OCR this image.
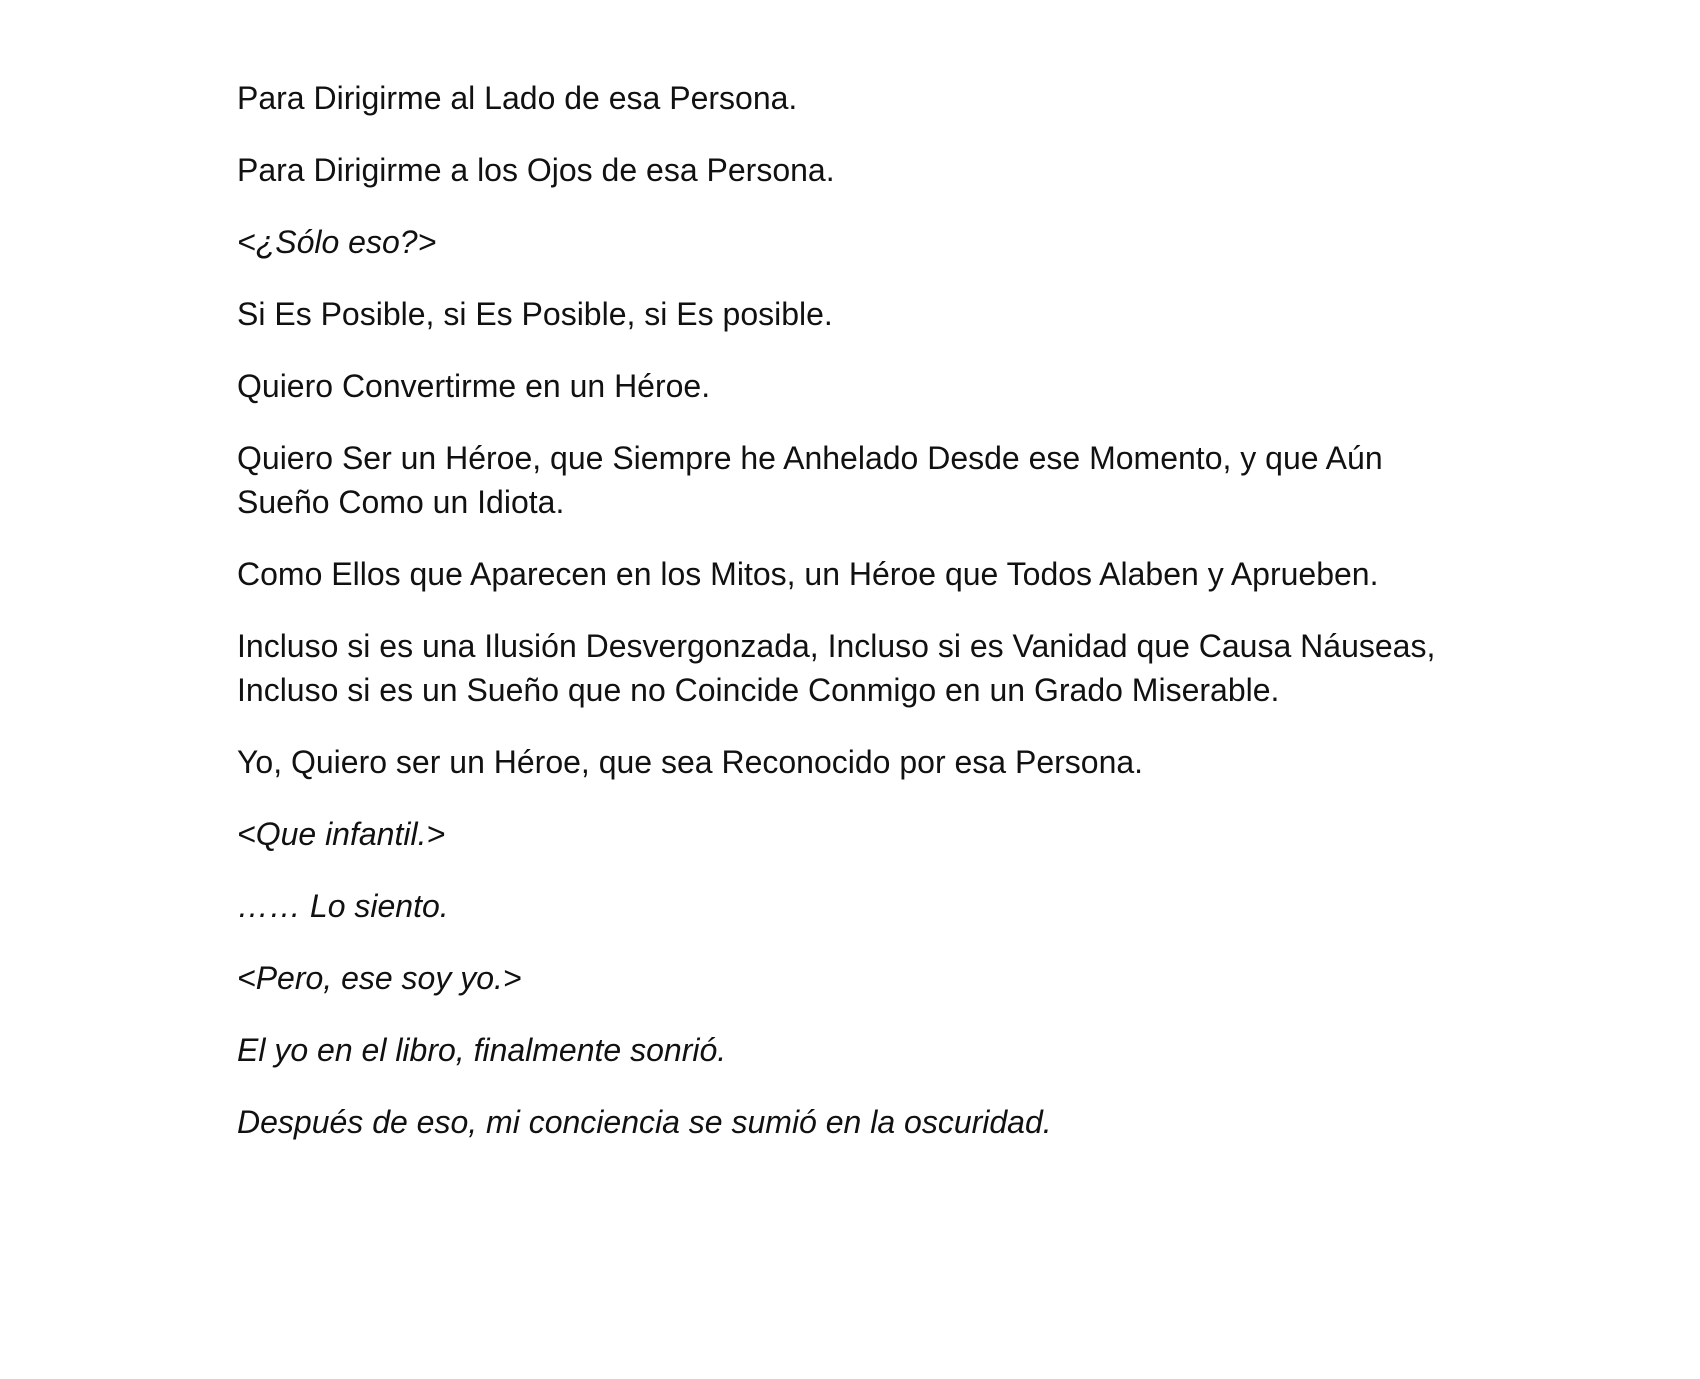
Para Dirigirme al Lado de esa Persona.

Para Dirigirme a los Ojos de esa Persona.

<¿Sólo eso?>

Si Es Posible, si Es Posible, si Es posible.

Quiero Convertirme en un Héroe.

Quiero Ser un Héroe, que Siempre he Anhelado Desde ese Momento, y que Aún Sueño Como un Idiota.

Como Ellos que Aparecen en los Mitos, un Héroe que Todos Alaben y Aprueben.

Incluso si es una Ilusión Desvergonzada, Incluso si es Vanidad que Causa Náuseas, Incluso si es un Sueño que no Coincide Conmigo en un Grado Miserable.

Yo, Quiero ser un Héroe, que sea Reconocido por esa Persona.

<Que infantil.>

…… Lo siento.

<Pero, ese soy yo.>

El yo en el libro, finalmente sonrió.

Después de eso, mi conciencia se sumió en la oscuridad.
